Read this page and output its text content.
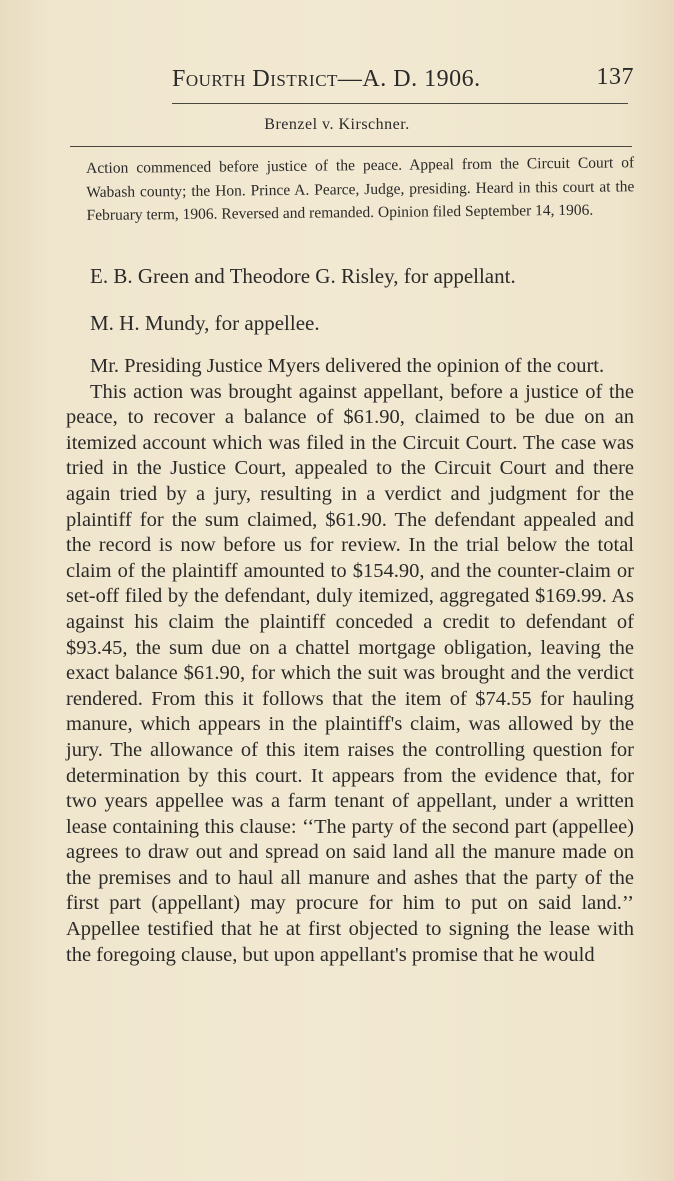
Fourth District—A. D. 1906.	137
Brenzel v. Kirschner.
Action commenced before justice of the peace. Appeal from the Circuit Court of Wabash county; the Hon. Prince A. Pearce, Judge, presiding. Heard in this court at the February term, 1906. Reversed and remanded. Opinion filed September 14, 1906.
E. B. Green and Theodore G. Risley, for appellant.
M. H. Mundy, for appellee.

Mr. Presiding Justice Myers delivered the opinion of the court.

This action was brought against appellant, before a justice of the peace, to recover a balance of $61.90, claimed to be due on an itemized account which was filed in the Circuit Court. The case was tried in the Justice Court, appealed to the Circuit Court and there again tried by a jury, resulting in a verdict and judgment for the plaintiff for the sum claimed, $61.90. The defendant appealed and the record is now before us for review. In the trial below the total claim of the plaintiff amounted to $154.90, and the counter-claim or set-off filed by the defendant, duly itemized, aggregated $169.99. As against his claim the plaintiff conceded a credit to defendant of $93.45, the sum due on a chattel mortgage obligation, leaving the exact balance $61.90, for which the suit was brought and the verdict rendered. From this it follows that the item of $74.55 for hauling manure, which appears in the plaintiff's claim, was allowed by the jury. The allowance of this item raises the controlling question for determination by this court. It appears from the evidence that, for two years appellee was a farm tenant of appellant, under a written lease containing this clause: ‘‘The party of the second part (appellee) agrees to draw out and spread on said land all the manure made on the premises and to haul all manure and ashes that the party of the first part (appellant) may procure for him to put on said land.’’ Appellee testified that he at first objected to signing the lease with the foregoing clause, but upon appellant's promise that he would
